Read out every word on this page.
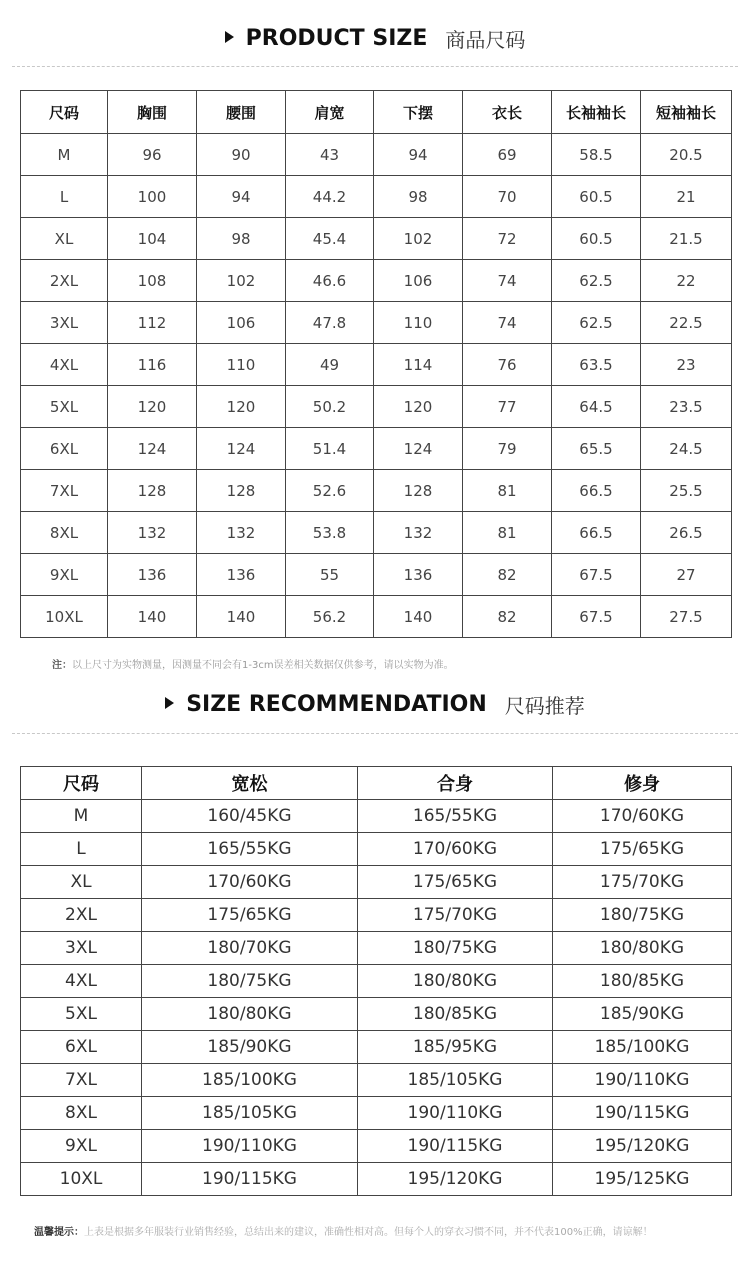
PRODUCT SIZE 商品尺码
尺码	胸围	腰围	肩宽	下摆	衣长	长袖袖长	短袖袖长
M	96	90	43	94	69	58.5	20.5
L	100	94	44.2	98	70	60.5	21
XL	104	98	45.4	102	72	60.5	21.5
2XL	108	102	46.6	106	74	62.5	22
3XL	112	106	47.8	110	74	62.5	22.5
4XL	116	110	49	114	76	63.5	23
5XL	120	120	50.2	120	77	64.5	23.5
6XL	124	124	51.4	124	79	65.5	24.5
7XL	128	128	52.6	128	81	66.5	25.5
8XL	132	132	53.8	132	81	66.5	26.5
9XL	136	136	55	136	82	67.5	27
10XL	140	140	56.2	140	82	67.5	27.5
注：以上尺寸为实物测量，因测量不同会有1-3cm误差相关数据仅供参考，请以实物为准。
SIZE RECOMMENDATION 尺码推荐
尺码	宽松	合身	修身
M	160/45KG	165/55KG	170/60KG
L	165/55KG	170/60KG	175/65KG
XL	170/60KG	175/65KG	175/70KG
2XL	175/65KG	175/70KG	180/75KG
3XL	180/70KG	180/75KG	180/80KG
4XL	180/75KG	180/80KG	180/85KG
5XL	180/80KG	180/85KG	185/90KG
6XL	185/90KG	185/95KG	185/100KG
7XL	185/100KG	185/105KG	190/110KG
8XL	185/105KG	190/110KG	190/115KG
9XL	190/110KG	190/115KG	195/120KG
10XL	190/115KG	195/120KG	195/125KG
温馨提示：上表是根据多年服装行业销售经验，总结出来的建议，准确性相对高。但每个人的穿衣习惯不同，并不代表100%正确，请谅解！
